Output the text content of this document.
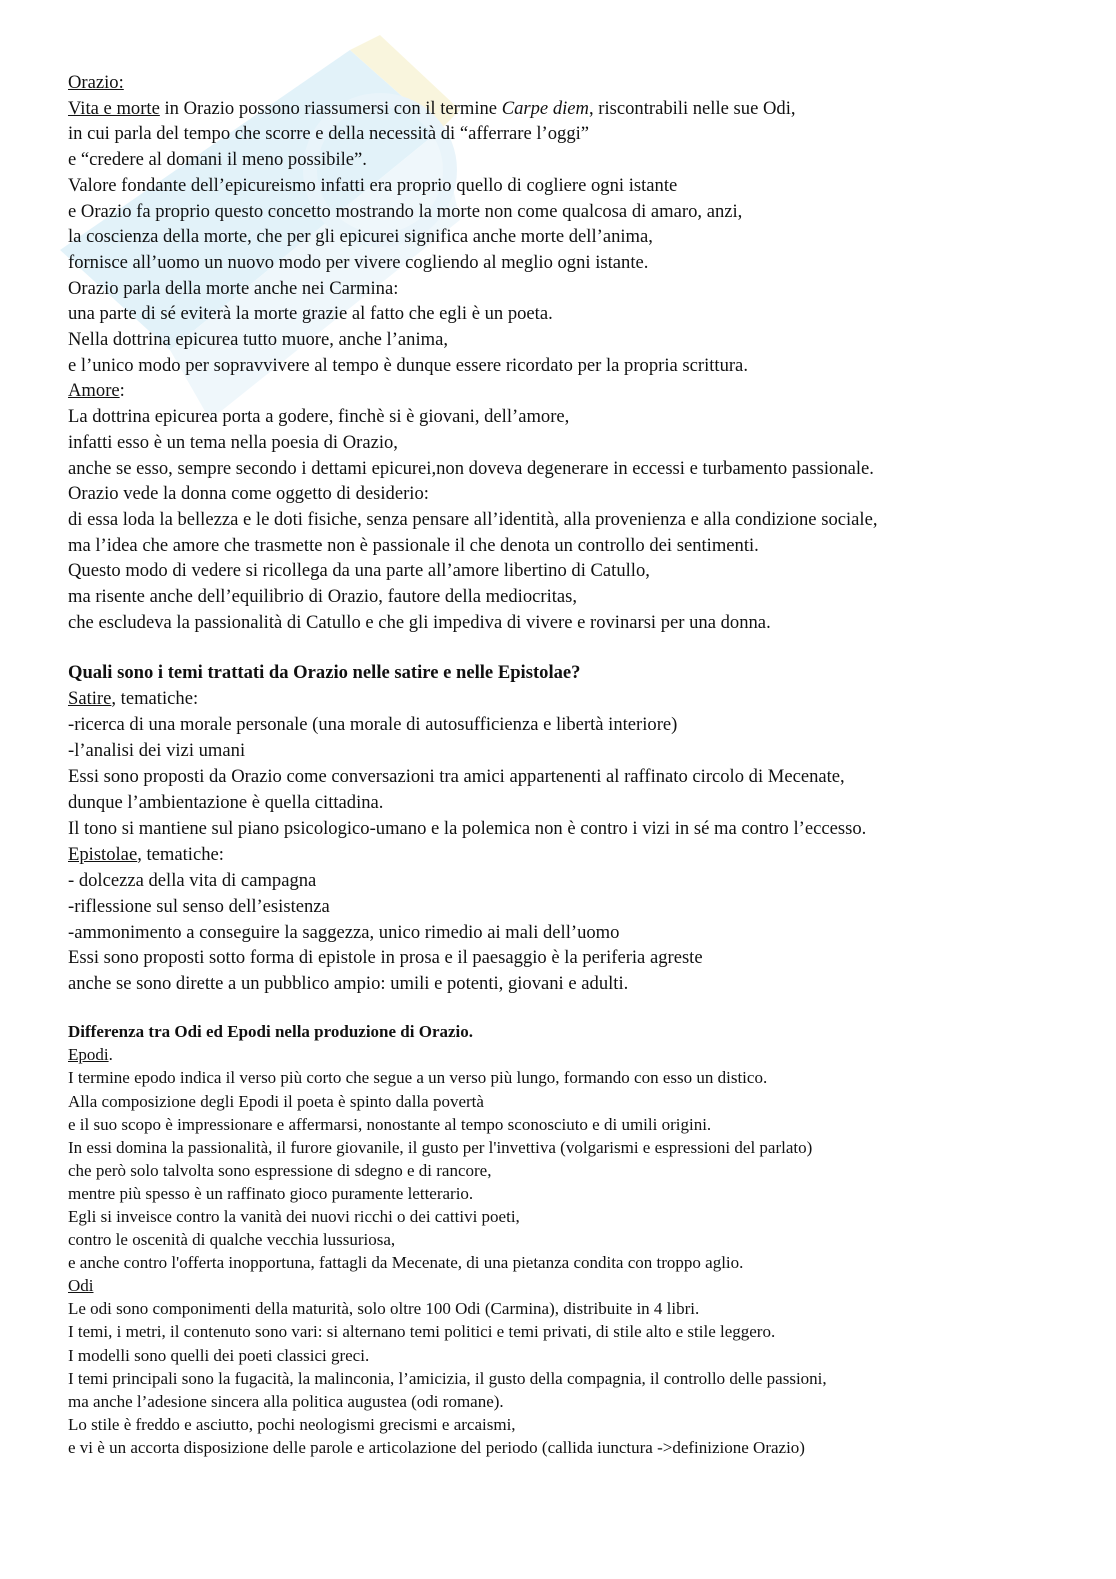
Orazio:

Vita e morte in Orazio possono riassumersi con il termine Carpe diem, riscontrabili nelle sue Odi,

in cui parla del tempo che scorre e della necessità di “afferrare l’oggi”

e “credere al domani il meno possibile”.

Valore fondante dell’epicureismo infatti era proprio quello di cogliere ogni istante

e Orazio fa proprio questo concetto mostrando la morte non come qualcosa di amaro, anzi,

la coscienza della morte, che per gli epicurei significa anche morte dell’anima,

fornisce all’uomo un nuovo modo per vivere cogliendo al meglio ogni istante.

Orazio parla della morte anche nei Carmina:

una parte di sé eviterà la morte grazie al fatto che egli è un poeta.

Nella dottrina epicurea tutto muore, anche l’anima,

e l’unico modo per sopravvivere al tempo è dunque essere ricordato per la propria scrittura.

Amore:

La dottrina epicurea porta a godere, finchè si è giovani, dell’amore,

infatti esso è un tema nella poesia di Orazio,

anche se esso, sempre secondo i dettami epicurei,non doveva degenerare in eccessi e turbamento passionale.

Orazio vede la donna come oggetto di desiderio:

di essa loda la bellezza e le doti fisiche, senza pensare all’identità, alla provenienza e alla condizione sociale,

ma l’idea che amore che trasmette non è passionale il che denota un controllo dei sentimenti.

Questo modo di vedere si ricollega da una parte all’amore libertino di Catullo,

ma risente anche dell’equilibrio di Orazio, fautore della mediocritas,

che escludeva la passionalità di Catullo e che gli impediva di vivere e rovinarsi per una donna.

Quali sono i temi trattati da Orazio nelle satire e nelle Epistolae?

Satire, tematiche:

-ricerca di una morale personale (una morale di autosufficienza e libertà interiore)

-l’analisi dei vizi umani

Essi sono proposti da Orazio come conversazioni tra amici appartenenti al raffinato circolo di Mecenate,

dunque l’ambientazione è quella cittadina.

Il tono si mantiene sul piano psicologico-umano e la polemica non è contro i vizi in sé ma contro l’eccesso.

Epistolae, tematiche:

- dolcezza della vita di campagna

-riflessione sul senso dell’esistenza

-ammonimento a conseguire la saggezza, unico rimedio ai mali dell’uomo

Essi sono proposti sotto forma di epistole in prosa e il paesaggio è la periferia agreste

anche se sono dirette a un pubblico ampio: umili e potenti, giovani e adulti.

Differenza tra Odi ed Epodi nella produzione di Orazio.

Epodi.

I termine epodo indica il verso più corto che segue a un verso più lungo, formando con esso un distico.

Alla composizione degli Epodi il poeta è spinto dalla povertà

e il suo scopo è impressionare e affermarsi, nonostante al tempo sconosciuto e di umili origini.

In essi domina la passionalità, il furore giovanile, il gusto per l'invettiva (volgarismi e espressioni del parlato)

che però solo talvolta sono espressione di sdegno e di rancore,

mentre più spesso è un raffinato gioco puramente letterario.

Egli si inveisce contro la vanità dei nuovi ricchi o dei cattivi poeti,

contro le oscenità di qualche vecchia lussuriosa,

e anche contro l'offerta inopportuna, fattagli da Mecenate, di una pietanza condita con troppo aglio.

Odi

Le odi sono componimenti della maturità, solo oltre 100 Odi (Carmina), distribuite in 4 libri.

I temi, i metri, il contenuto sono vari: si alternano temi politici e temi privati, di stile alto e stile leggero.

I modelli sono quelli dei poeti classici greci.

I temi principali sono la fugacità, la malinconia, l’amicizia, il gusto della compagnia, il controllo delle passioni,

ma anche l’adesione sincera alla politica augustea (odi romane).

Lo stile è freddo e asciutto, pochi neologismi grecismi e arcaismi,

e vi è un accorta disposizione delle parole e articolazione del periodo (callida iunctura ->definizione Orazio)
